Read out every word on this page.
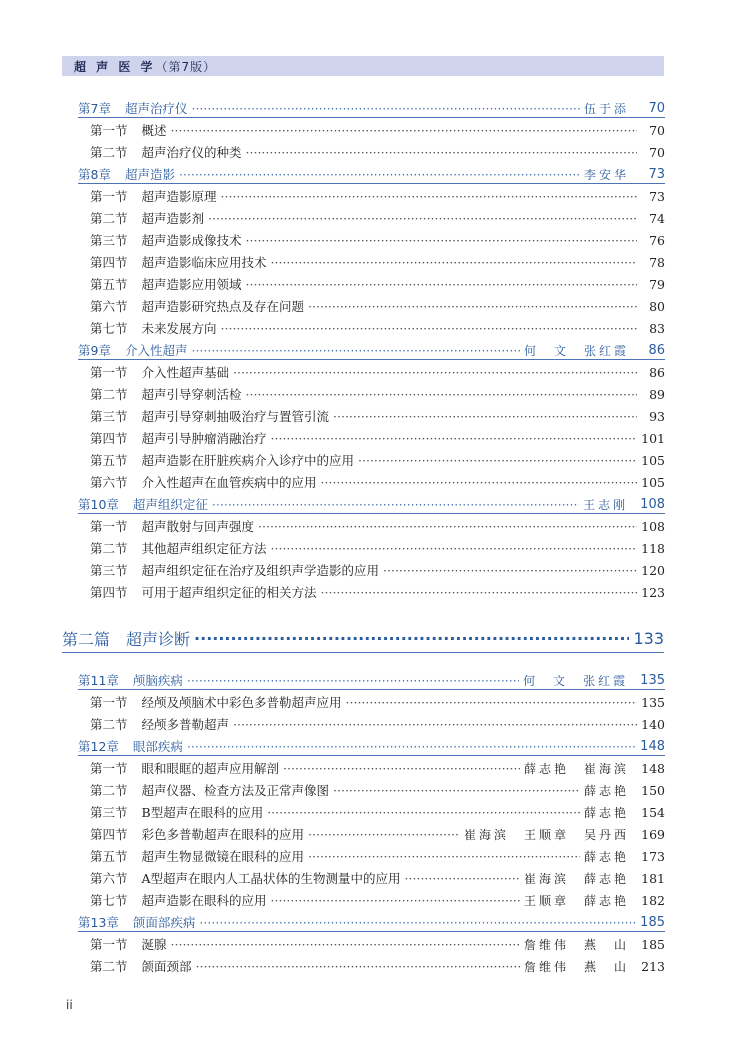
超 声 医 学（第7版）
第7章 超声治疗仪 ·····	伍于添	70
第一节 概述 ·····	70
第二节 超声治疗仪的种类 ·····	70
第8章 超声造影 ·····	李安华	73
第一节 超声造影原理 ·····	73
第二节 超声造影剂 ·····	74
第三节 超声造影成像技术 ·····	76
第四节 超声造影临床应用技术 ·····	78
第五节 超声造影应用领域 ·····	79
第六节 超声造影研究热点及存在问题 ·····	80
第七节 未来发展方向 ·····	83
第9章 介入性超声 ·····	何　文　张红霞	86
第一节 介入性超声基础 ·····	86
第二节 超声引导穿刺活检 ·····	89
第三节 超声引导穿刺抽吸治疗与置管引流 ·····	93
第四节 超声引导肿瘤消融治疗 ·····	101
第五节 超声造影在肝脏疾病介入诊疗中的应用 ·····	105
第六节 介入性超声在血管疾病中的应用 ·····	105
第10章 超声组织定征 ·····	王志刚 108
第一节 超声散射与回声强度 ·····	108
第二节 其他超声组织定征方法 ·····	118
第三节 超声组织定征在治疗及组织声学造影的应用 ·····	120
第四节 可用于超声组织定征的相关方法 ·····	123
第二篇 超声诊断 ·····	133
第11章 颅脑疾病 ·····	何　文　张红霞 135
第一节 经颅及颅脑术中彩色多普勒超声应用 ·····	135
第二节 经颅多普勒超声 ·····	140
第12章 眼部疾病 ·····	148
第一节 眼和眼眶的超声应用解剖 ·····	薛志艳　崔海滨 148
第二节 超声仪器、检查方法及正常声像图 ·····	薛志艳 150
第三节 B型超声在眼科的应用 ·····	薛志艳 154
第四节 彩色多普勒超声在眼科的应用 ·····	崔海滨　王顺章　吴丹西 169
第五节 超声生物显微镜在眼科的应用 ·····	薛志艳 173
第六节 A型超声在眼内人工晶状体的生物测量中的应用 ·····	崔海滨　薛志艳 181
第七节 超声造影在眼科的应用 ·····	王顺章　薛志艳 182
第13章 颌面部疾病 ·····	185
第一节 涎腺 ·····	詹维伟　燕　山 185
第二节 颌面颈部 ·····	詹维伟　燕　山 213
ii
